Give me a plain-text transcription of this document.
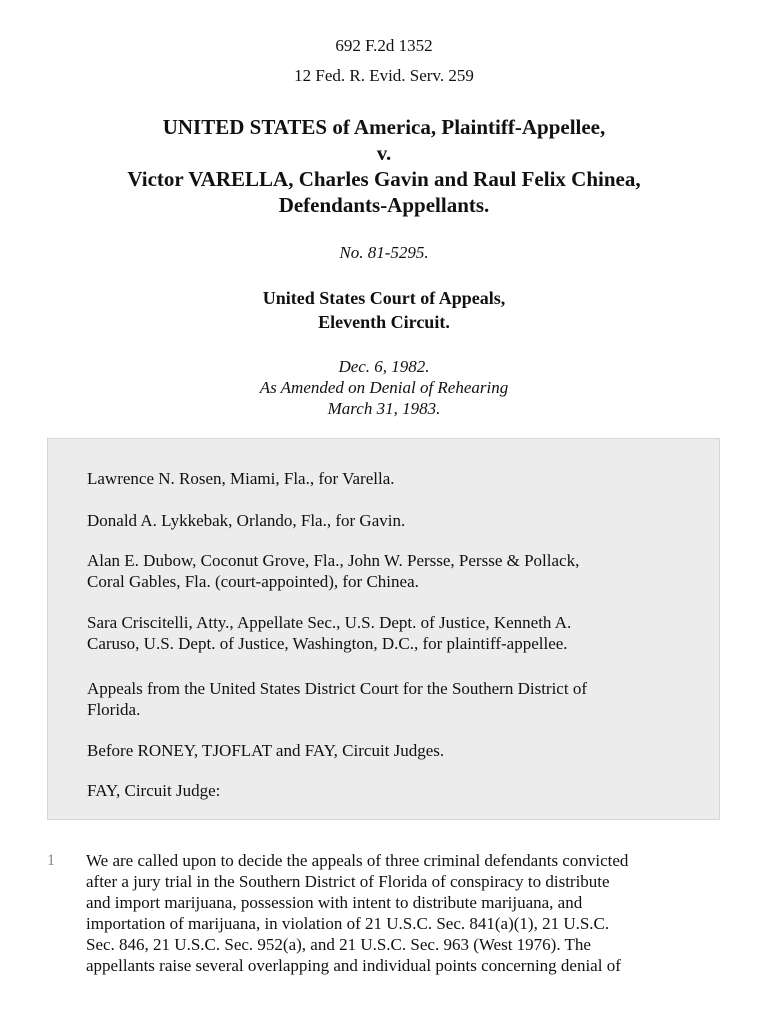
692 F.2d 1352
12 Fed. R. Evid. Serv. 259
UNITED STATES of America, Plaintiff-Appellee,
v.
Victor VARELLA, Charles Gavin and Raul Felix Chinea,
Defendants-Appellants.
No. 81-5295.
United States Court of Appeals,
Eleventh Circuit.
Dec. 6, 1982.
As Amended on Denial of Rehearing
March 31, 1983.

Lawrence N. Rosen, Miami, Fla., for Varella.

Donald A. Lykkebak, Orlando, Fla., for Gavin.

Alan E. Dubow, Coconut Grove, Fla., John W. Persse, Persse & Pollack,
Coral Gables, Fla. (court-appointed), for Chinea.

Sara Criscitelli, Atty., Appellate Sec., U.S. Dept. of Justice, Kenneth A.
Caruso, U.S. Dept. of Justice, Washington, D.C., for plaintiff-appellee.

Appeals from the United States District Court for the Southern District of
Florida.

Before RONEY, TJOFLAT and FAY, Circuit Judges.

FAY, Circuit Judge:

1 We are called upon to decide the appeals of three criminal defendants convicted
after a jury trial in the Southern District of Florida of conspiracy to distribute
and import marijuana, possession with intent to distribute marijuana, and
importation of marijuana, in violation of 21 U.S.C. Sec. 841(a)(1), 21 U.S.C.
Sec. 846, 21 U.S.C. Sec. 952(a), and 21 U.S.C. Sec. 963 (West 1976). The
appellants raise several overlapping and individual points concerning denial of
